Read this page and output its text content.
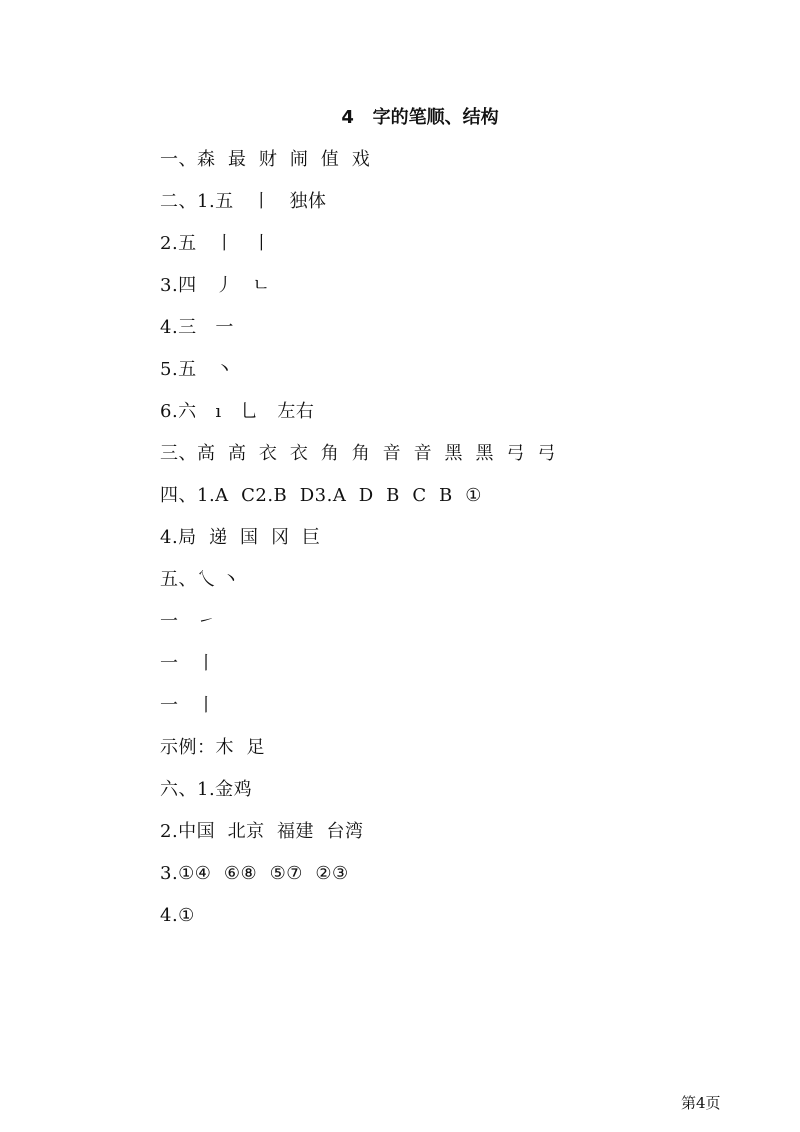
4   字的笔顺、结构
一、森  最  财  闹  值  戏
二、1.五   丨   独体
2.五   丨   丨
3.四   丿   ㄴ
4.三   一
5.五   丶
6.六   ı   乚   左右
三、高  高  衣  衣  角  角  音  音  黑  黑  弓  弓
四、1.A  C2.B  D3.A  D  B  C  B  ①
4.局  递  国  冈  巨
五、乀 丶
一   ㇀
一   丨
一   丨
示例：木  足
六、1.金鸡
2.中国  北京  福建  台湾
3.①④  ⑥⑧  ⑤⑦  ②③
4.①
第4页
